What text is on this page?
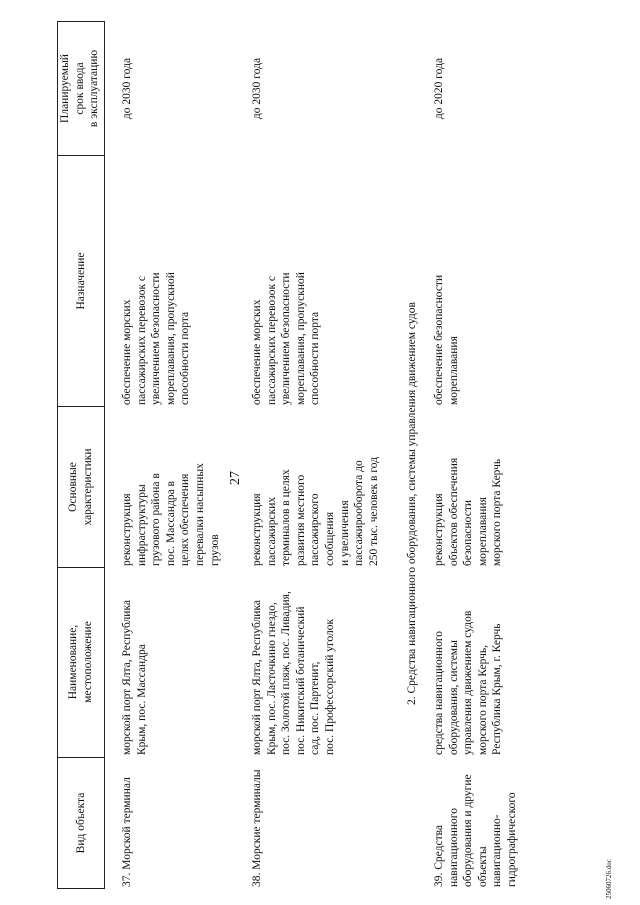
27
Вид объекта
Наименование, местоположение
Основные характеристики
Назначение
Планируемый срок ввода в эксплуатацию
37. Морской терминал
морской порт Ялта, Республика Крым, пос. Массандра
реконструкция инфраструктуры грузового района в пос. Массандра в целях обеспечения перевалки насыпных грузов
обеспечение морских пассажирских перевозок с увеличением безопасности мореплавания, пропускной способности порта
до 2030 года
38. Морские терминалы
морской порт Ялта, Республика Крым, пос. Ласточкино гнездо, пос. Золотой пляж, пос. Ливадия, пос. Никитский ботанический сад, пос. Партенит, пос. Профессорский уголок
реконструкция пассажирских терминалов в целях развития местного пассажирского сообщения и увеличения пассажирооборота до 250 тыс. человек в год
обеспечение морских пассажирских перевозок с увеличением безопасности мореплавания, пропускной способности порта
до 2030 года
2. Средства навигационного оборудования, системы управления движением судов
39. Средства навигационного оборудования и другие объекты навигационно- гидрографического
средства навигационного оборудования, системы управления движением судов морского порта Керчь, Республика Крым, г. Керчь
реконструкция объектов обеспечения безопасности мореплавания морского порта Керчь
обеспечение безопасности мореплавания
до 2020 года
25060726.doc
